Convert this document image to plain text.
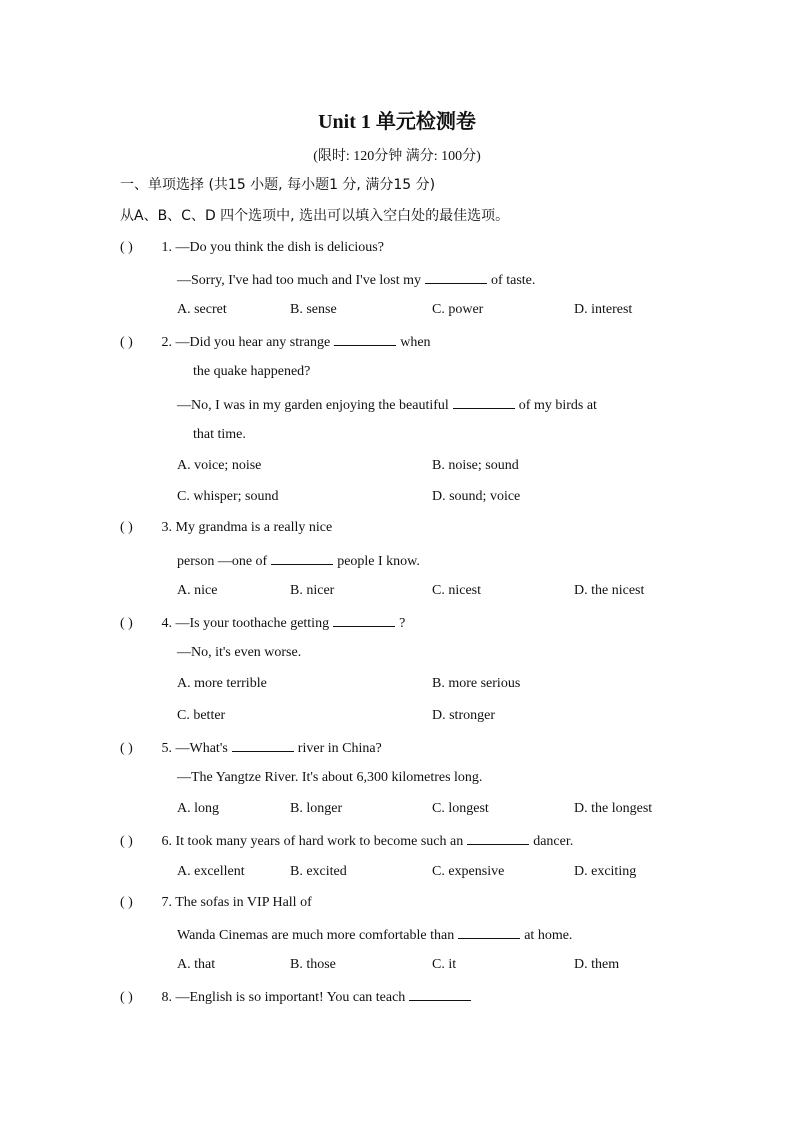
Unit 1 单元检测卷
(限时: 120分钟 满分: 100分)
一、单项选择 (共15 小题, 每小题1 分, 满分15 分)
从A、B、C、D 四个选项中, 选出可以填入空白处的最佳选项。
( ) 1. —Do you think the dish is delicious?
—Sorry, I've had too much and I've lost my	of taste.
A. secret	B. sense	C. power	D. interest
( ) 2. —Did you hear any strange	when
the quake happened?
—No, I was in my garden enjoying the beautiful	of my birds at
that time.
A. voice; noise	B. noise; sound
C. whisper; sound	D. sound; voice
( ) 3. My grandma is a really nice
person —one of	people I know.
A. nice	B. nicer	C. nicest	D. the nicest
( ) 4. —Is your toothache getting	?
—No, it's even worse.
A. more terrible	B. more serious
C. better	D. stronger
( ) 5. —What's	river in China?
—The Yangtze River. It's about 6,300 kilometres long.
A. long	B. longer	C. longest	D. the longest
( ) 6. It took many years of hard work to become such an	dancer.
A. excellent	B. excited	C. expensive	D. exciting
( ) 7. The sofas in VIP Hall of
Wanda Cinemas are much more comfortable than	at home.
A. that	B. those	C. it	D. them
( ) 8. —English is so important! You can teach
